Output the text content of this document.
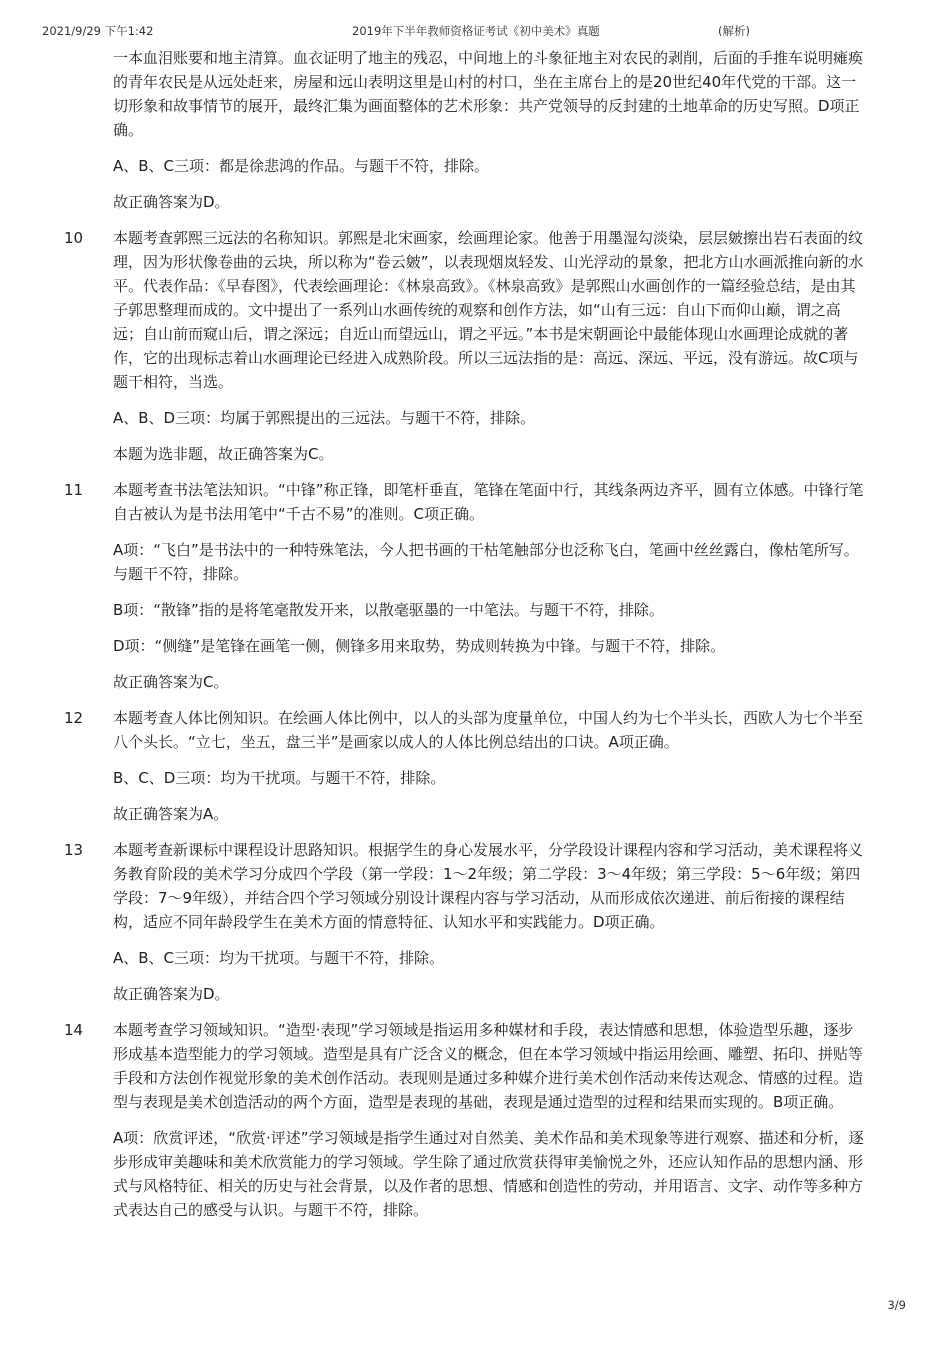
2021/9/29 下午1:42	2019年下半年教师资格证考试《初中美术》真题	(解析)

一本血泪账要和地主清算。血衣证明了地主的残忍，中间地上的斗象征地主对农民的剥削，后面的手推车说明瘫痪的青年农民是从远处赶来，房屋和远山表明这里是山村的村口，坐在主席台上的是20世纪40年代党的干部。这一切形象和故事情节的展开，最终汇集为画面整体的艺术形象：共产党领导的反封建的土地革命的历史写照。D项正确。

A、B、C三项：都是徐悲鸿的作品。与题干不符，排除。

故正确答案为D。

10 本题考查郭熙三远法的名称知识。郭熙是北宋画家，绘画理论家。他善于用墨湿勾淡染，层层皴擦出岩石表面的纹理，因为形状像卷曲的云块，所以称为“卷云皴”，以表现烟岚轻发、山光浮动的景象，把北方山水画派推向新的水平。代表作品：《早春图》，代表绘画理论：《林泉高致》。《林泉高致》是郭熙山水画创作的一篇经验总结，是由其子郭思整理而成的。文中提出了一系列山水画传统的观察和创作方法，如“山有三远：自山下而仰山巅，谓之高远；自山前而窥山后，谓之深远；自近山而望远山，谓之平远。”本书是宋朝画论中最能体现山水画理论成就的著作，它的出现标志着山水画理论已经进入成熟阶段。所以三远法指的是：高远、深远、平远，没有游远。故C项与题干相符，当选。

A、B、D三项：均属于郭熙提出的三远法。与题干不符，排除。

本题为选非题，故正确答案为C。

11 本题考查书法笔法知识。“中锋”称正锋，即笔杆垂直，笔锋在笔面中行，其线条两边齐平，圆有立体感。中锋行笔自古被认为是书法用笔中“千古不易”的准则。C项正确。

A项：“飞白”是书法中的一种特殊笔法，今人把书画的干枯笔触部分也泛称飞白，笔画中丝丝露白，像枯笔所写。与题干不符，排除。

B项：“散锋”指的是将笔毫散发开来，以散毫驱墨的一中笔法。与题干不符，排除。

D项：“侧缝”是笔锋在画笔一侧，侧锋多用来取势，势成则转换为中锋。与题干不符，排除。

故正确答案为C。

12 本题考查人体比例知识。在绘画人体比例中，以人的头部为度量单位，中国人约为七个半头长，西欧人为七个半至八个头长。“立七，坐五，盘三半”是画家以成人的人体比例总结出的口诀。A项正确。

B、C、D三项：均为干扰项。与题干不符，排除。

故正确答案为A。

13 本题考查新课标中课程设计思路知识。根据学生的身心发展水平，分学段设计课程内容和学习活动，美术课程将义务教育阶段的美术学习分成四个学段（第一学段：1～2年级；第二学段：3～4年级；第三学段：5～6年级；第四学段：7～9年级），并结合四个学习领域分别设计课程内容与学习活动，从而形成依次递进、前后衔接的课程结构，适应不同年龄段学生在美术方面的情意特征、认知水平和实践能力。D项正确。

A、B、C三项：均为干扰项。与题干不符，排除。

故正确答案为D。

14 本题考查学习领域知识。“造型·表现”学习领域是指运用多种媒材和手段，表达情感和思想，体验造型乐趣，逐步形成基本造型能力的学习领域。造型是具有广泛含义的概念，但在本学习领域中指运用绘画、雕塑、拓印、拼贴等手段和方法创作视觉形象的美术创作活动。表现则是通过多种媒介进行美术创作活动来传达观念、情感的过程。造型与表现是美术创造活动的两个方面，造型是表现的基础，表现是通过造型的过程和结果而实现的。B项正确。

A项：欣赏评述，“欣赏·评述”学习领域是指学生通过对自然美、美术作品和美术现象等进行观察、描述和分析，逐步形成审美趣味和美术欣赏能力的学习领域。学生除了通过欣赏获得审美愉悦之外，还应认知作品的思想内涵、形式与风格特征、相关的历史与社会背景，以及作者的思想、情感和创造性的劳动，并用语言、文字、动作等多种方式表达自己的感受与认识。与题干不符，排除。

3/9
